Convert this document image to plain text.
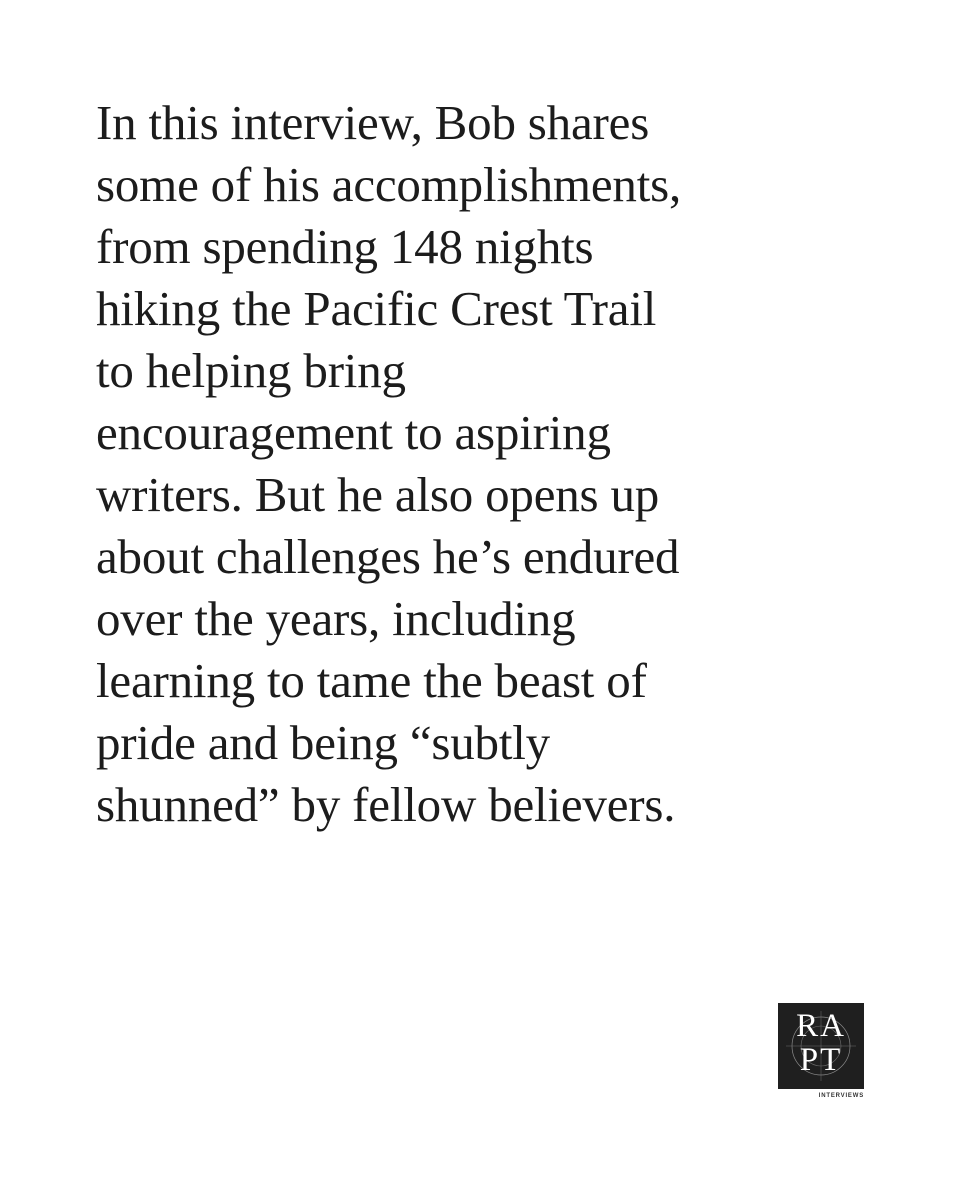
In this interview, Bob shares
some of his accomplishments,
from spending 148 nights
hiking the Pacific Crest Trail
to helping bring
encouragement to aspiring
writers. But he also opens up
about challenges he’s endured
over the years, including
learning to tame the beast of
pride and being “subtly
shunned” by fellow believers.

RA
PT
INTERVIEWS
